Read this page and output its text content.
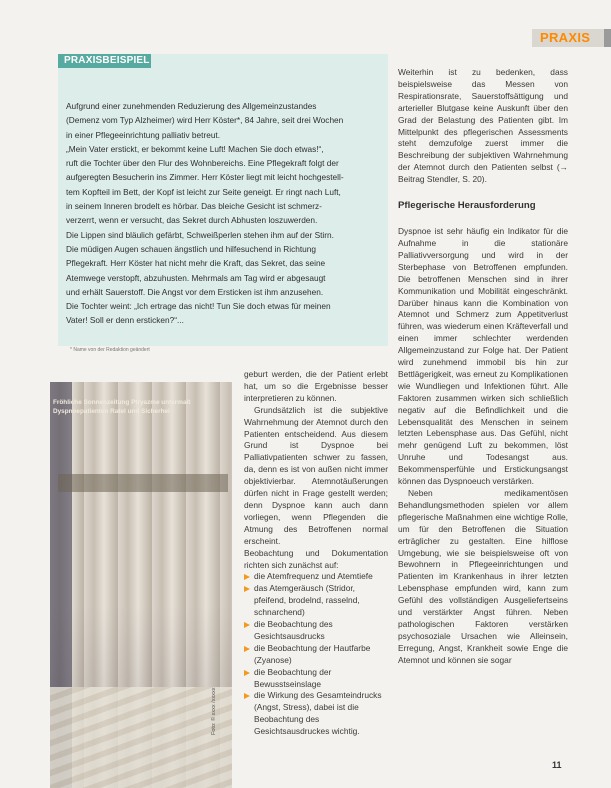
PRAXIS
PRAXISBEISPIEL

Aufgrund einer zunehmenden Reduzierung des Allgemeinzustandes

(Demenz vom Typ Alzheimer) wird Herr Köster*, 84 Jahre, seit drei Wochen

in einer Pflegeeinrichtung palliativ betreut.

„Mein Vater erstickt, er bekommt keine Luft! Machen Sie doch etwas!“,

ruft die Tochter über den Flur des Wohnbereichs. Eine Pflegekraft folgt der

aufgeregten Besucherin ins Zimmer. Herr Köster liegt mit leicht hochgestell-

tem Kopfteil im Bett, der Kopf ist leicht zur Seite geneigt. Er ringt nach Luft,

in seinem Inneren brodelt es hörbar. Das bleiche Gesicht ist schmerz-

verzerrt, wenn er versucht, das Sekret durch Abhusten loszuwerden.

Die Lippen sind bläulich gefärbt, Schweißperlen stehen ihm auf der Stirn.

Die müdigen Augen schauen ängstlich und hilfesuchend in Richtung

Pflegekraft. Herr Köster hat nicht mehr die Kraft, das Sekret, das seine

Atemwege verstopft, abzuhusten. Mehrmals am Tag wird er abgesaugt

und erhält Sauerstoff. Die Angst vor dem Ersticken ist ihm anzusehen.

Die Tochter weint: „Ich ertrage das nicht! Tun Sie doch etwas für meinen

Vater! Soll er denn ersticken?“...

* Name von der Redaktion geändert
Fröhliche Sonnenzeitung Ptryazme untermait
Dyspnoepatienten Ratel und Sicherhei
Foto: © xxxx /xxxxx

geburt werden, die der Patient erlebt hat, um so die Ergebnisse besser interpretieren zu können.

Grundsätzlich ist die subjektive Wahrnehmung der Atemnot durch den Patienten entscheidend. Aus diesem Grund ist Dyspnoe bei Palliativpatienten schwer zu fassen, da, denn es ist von außen nicht immer objektivierbar. Atemnotäußerungen dürfen nicht in Frage gestellt werden; denn Dyspnoe kann auch dann vorliegen, wenn Pflegenden die Atmung des Betroffenen normal erscheint.

Beobachtung und Dokumentation richten sich zunächst auf:

die Atemfrequenz und Atemtiefe
das Atemgeräusch (Stridor, pfeifend, brodelnd, rasselnd, schnarchend)
die Beobachtung des Gesichtsausdrucks
die Beobachtung der Hautfarbe (Zyanose)
die Beobachtung der Bewusstseinslage
die Wirkung des Gesamteindrucks (Angst, Stress), dabei ist die Beobachtung des Gesichtsausdruckes wichtig.

Weiterhin ist zu bedenken, dass beispielsweise das Messen von Respirationsrate, Sauerstoffsättigung und arterieller Blutgase keine Auskunft über den Grad der Belastung des Patienten gibt. Im Mittelpunkt des pflegerischen Assessments steht demzufolge zuerst immer die Beschreibung der subjektiven Wahrnehmung der Atemnot durch den Patienten selbst (→ Beitrag Stendler, S. 20).

Pflegerische Herausforderung

Dyspnoe ist sehr häufig ein Indikator für die Aufnahme in die stationäre Palliativversorgung und wird in der Sterbephase von Betroffenen empfunden. Die betroffenen Menschen sind in ihrer Kommunikation und Mobilität eingeschränkt. Darüber hinaus kann die Kombination von Atemnot und Schmerz zum Appetitverlust führen, was wiederum einen Kräfteverfall und einen immer schlechter werdenden Allgemeinzustand zur Folge hat. Der Patient wird zunehmend immobil bis hin zur Bettlägerigkeit, was erneut zu Komplikationen wie Wundliegen und Infektionen führt. Alle Faktoren zusammen wirken sich schließlich negativ auf die Befindlichkeit und die Lebensqualität des Menschen in seinem letzten Lebensphase aus. Das Gefühl, nicht mehr genügend Luft zu bekommen, löst Unruhe und Todesangst aus. Bekommensperfühle und Erstickungsangst können das Dyspnoeuch verstärken.

Neben medikamentösen Behandlungsmethoden spielen vor allem pflegerische Maßnahmen eine wichtige Rolle, um für den Betroffenen die Situation erträglicher zu gestalten. Eine hilflose Umgebung, wie sie beispielsweise oft von Bewohnern in Pflegeeinrichtungen und Patienten im Krankenhaus in ihrer letzten Lebensphase empfunden wird, kann zum Gefühl des vollständigen Ausgeliefertseins und verstärkter Angst führen. Neben pathologischen Faktoren verstärken psychosoziale Ursachen wie Alleinsein, Erregung, Angst, Krankheit sowie Enge die Atemnot und können sie sogar

11
